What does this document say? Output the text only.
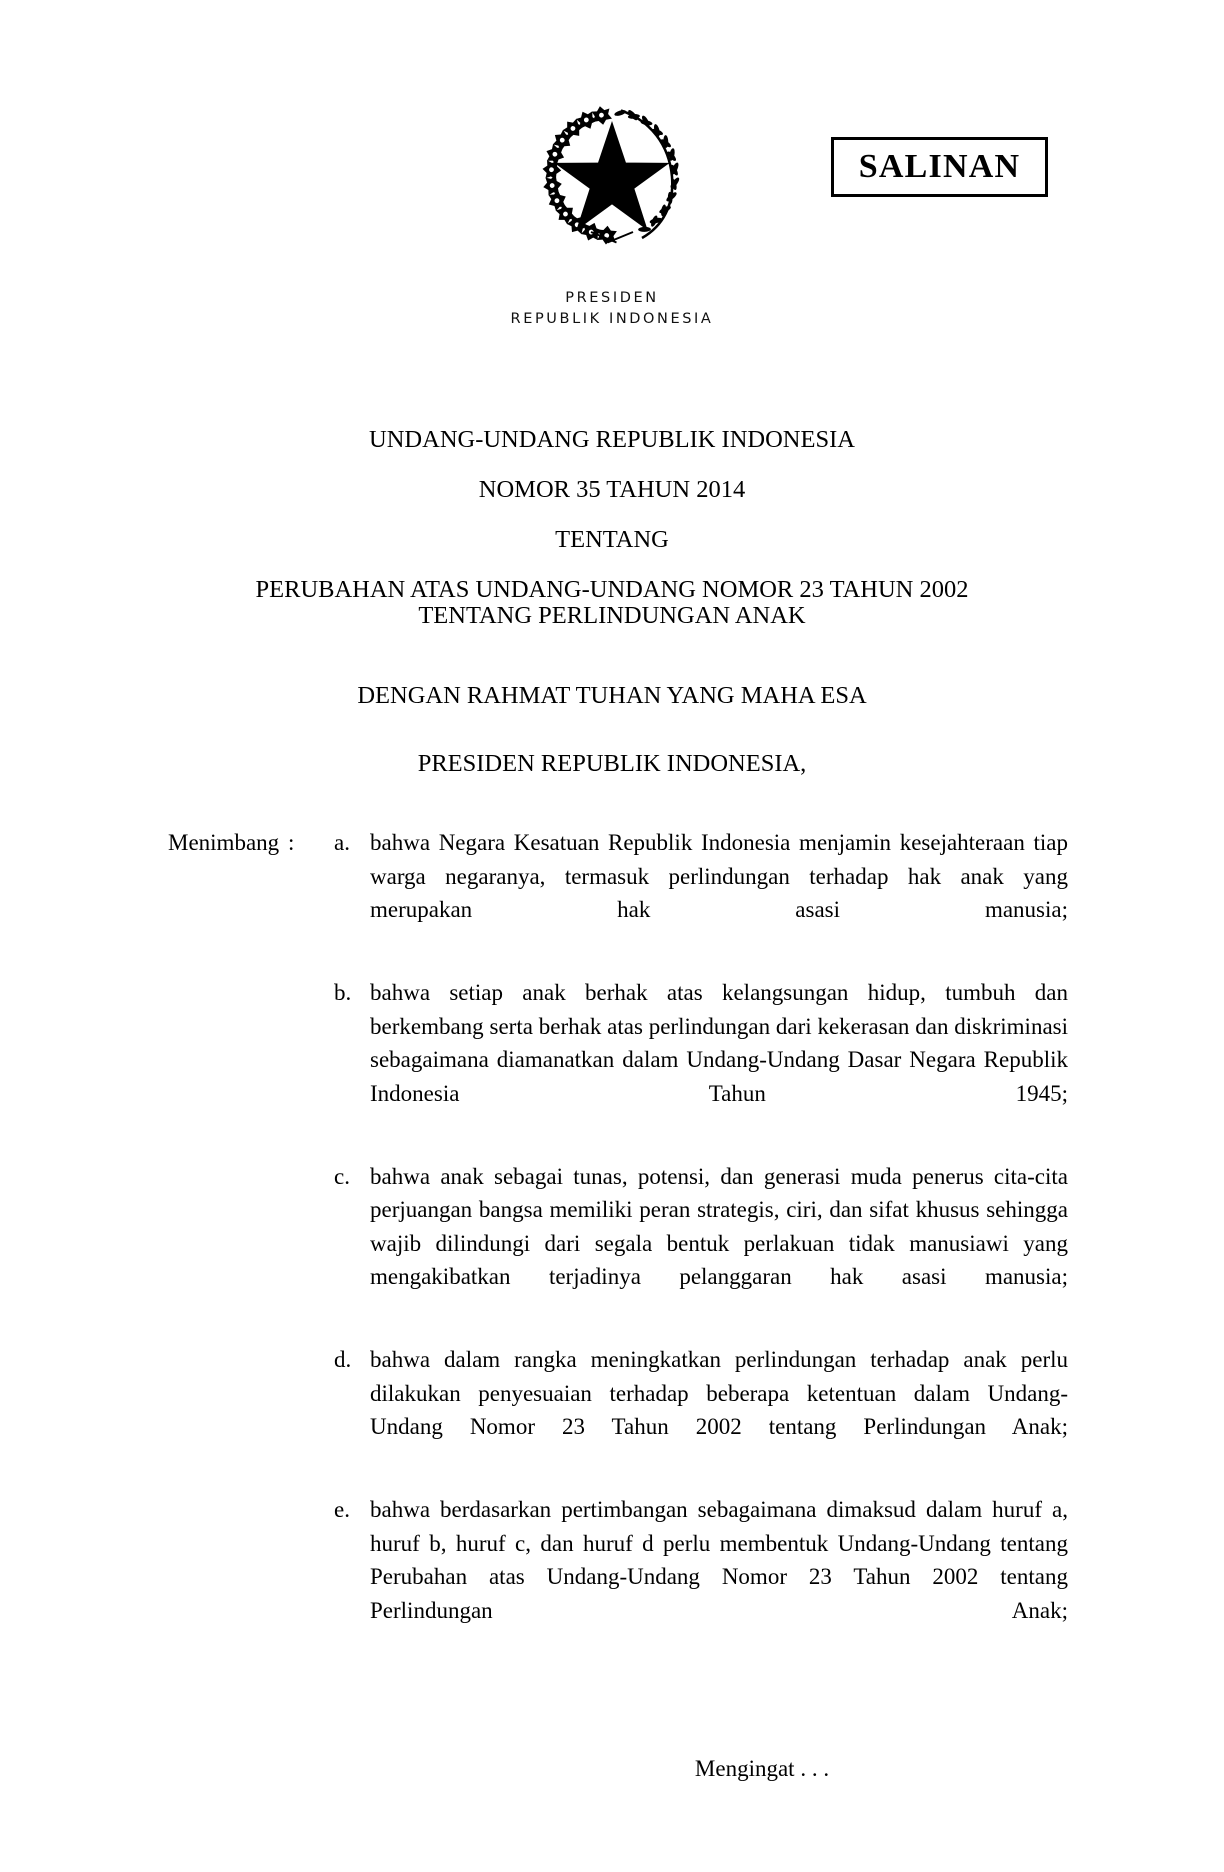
PRESIDEN
REPUBLIK INDONESIA
SALINAN
UNDANG-UNDANG REPUBLIK INDONESIA
NOMOR 35 TAHUN 2014
TENTANG
PERUBAHAN ATAS UNDANG-UNDANG NOMOR 23 TAHUN 2002
TENTANG PERLINDUNGAN ANAK
DENGAN RAHMAT TUHAN YANG MAHA ESA
PRESIDEN REPUBLIK INDONESIA,
Menimbang :	a. bahwa Negara Kesatuan Republik Indonesia menjamin kesejahteraan tiap warga negaranya, termasuk perlindungan terhadap hak anak yang merupakan hak asasi manusia;
b. bahwa setiap anak berhak atas kelangsungan hidup, tumbuh dan berkembang serta berhak atas perlindungan dari kekerasan dan diskriminasi sebagaimana diamanatkan dalam Undang-Undang Dasar Negara Republik Indonesia Tahun 1945;
c. bahwa anak sebagai tunas, potensi, dan generasi muda penerus cita-cita perjuangan bangsa memiliki peran strategis, ciri, dan sifat khusus sehingga wajib dilindungi dari segala bentuk perlakuan tidak manusiawi yang mengakibatkan terjadinya pelanggaran hak asasi manusia;
d. bahwa dalam rangka meningkatkan perlindungan terhadap anak perlu dilakukan penyesuaian terhadap beberapa ketentuan dalam Undang-Undang Nomor 23 Tahun 2002 tentang Perlindungan Anak;
e. bahwa berdasarkan pertimbangan sebagaimana dimaksud dalam huruf a, huruf b, huruf c, dan huruf d perlu membentuk Undang-Undang tentang Perubahan atas Undang-Undang Nomor 23 Tahun 2002 tentang Perlindungan Anak;
Mengingat . . .
